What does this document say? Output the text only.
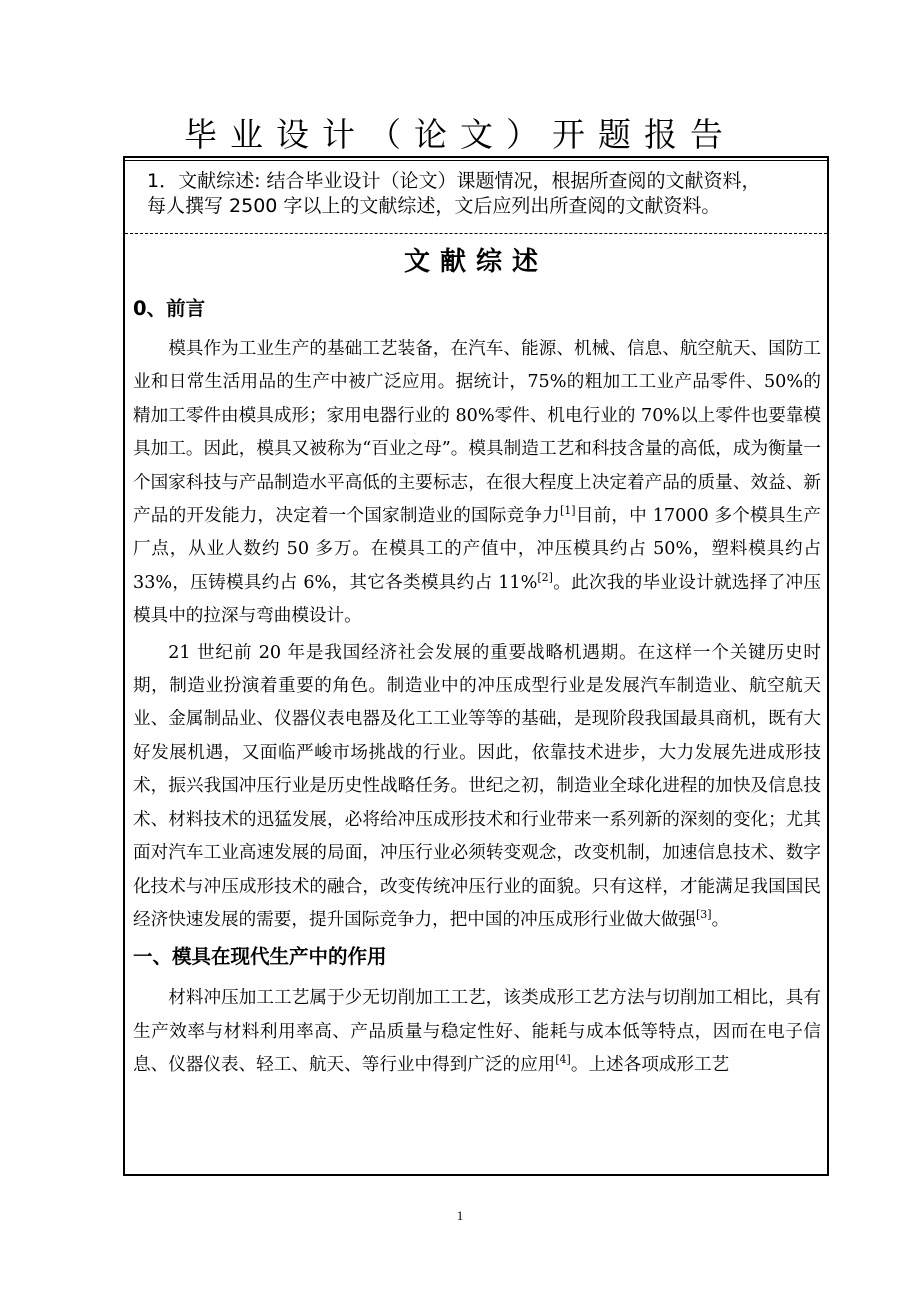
毕业设计（论文）开题报告

1．文献综述: 结合毕业设计（论文）课题情况，根据所查阅的文献资料，

每人撰写 2500 字以上的文献综述，文后应列出所查阅的文献资料。

文献综述
0、前言

模具作为工业生产的基础工艺装备，在汽车、能源、机械、信息、航空航天、国防工业和日常生活用品的生产中被广泛应用。据统计，75%的粗加工工业产品零件、50%的精加工零件由模具成形；家用电器行业的 80%零件、机电行业的 70%以上零件也要靠模具加工。因此，模具又被称为“百业之母”。模具制造工艺和科技含量的高低，成为衡量一个国家科技与产品制造水平高低的主要标志，在很大程度上决定着产品的质量、效益、新产品的开发能力，决定着一个国家制造业的国际竞争力[1]目前，中 17000 多个模具生产厂点，从业人数约 50 多万。在模具工的产值中，冲压模具约占 50%，塑料模具约占 33%，压铸模具约占 6%，其它各类模具约占 11%[2]。此次我的毕业设计就选择了冲压模具中的拉深与弯曲模设计。

21 世纪前 20 年是我国经济社会发展的重要战略机遇期。在这样一个关键历史时期，制造业扮演着重要的角色。制造业中的冲压成型行业是发展汽车制造业、航空航天业、金属制品业、仪器仪表电器及化工工业等等的基础，是现阶段我国最具商机，既有大好发展机遇，又面临严峻市场挑战的行业。因此，依靠技术进步，大力发展先进成形技术，振兴我国冲压行业是历史性战略任务。世纪之初，制造业全球化进程的加快及信息技术、材料技术的迅猛发展，必将给冲压成形技术和行业带来一系列新的深刻的变化；尤其面对汽车工业高速发展的局面，冲压行业必须转变观念，改变机制，加速信息技术、数字化技术与冲压成形技术的融合，改变传统冲压行业的面貌。只有这样，才能满足我国国民经济快速发展的需要，提升国际竞争力，把中国的冲压成形行业做大做强[3]。

一、模具在现代生产中的作用

材料冲压加工工艺属于少无切削加工工艺，该类成形工艺方法与切削加工相比，具有生产效率与材料利用率高、产品质量与稳定性好、能耗与成本低等特点，因而在电子信息、仪器仪表、轻工、航天、等行业中得到广泛的应用[4]。上述各项成形工艺

1
